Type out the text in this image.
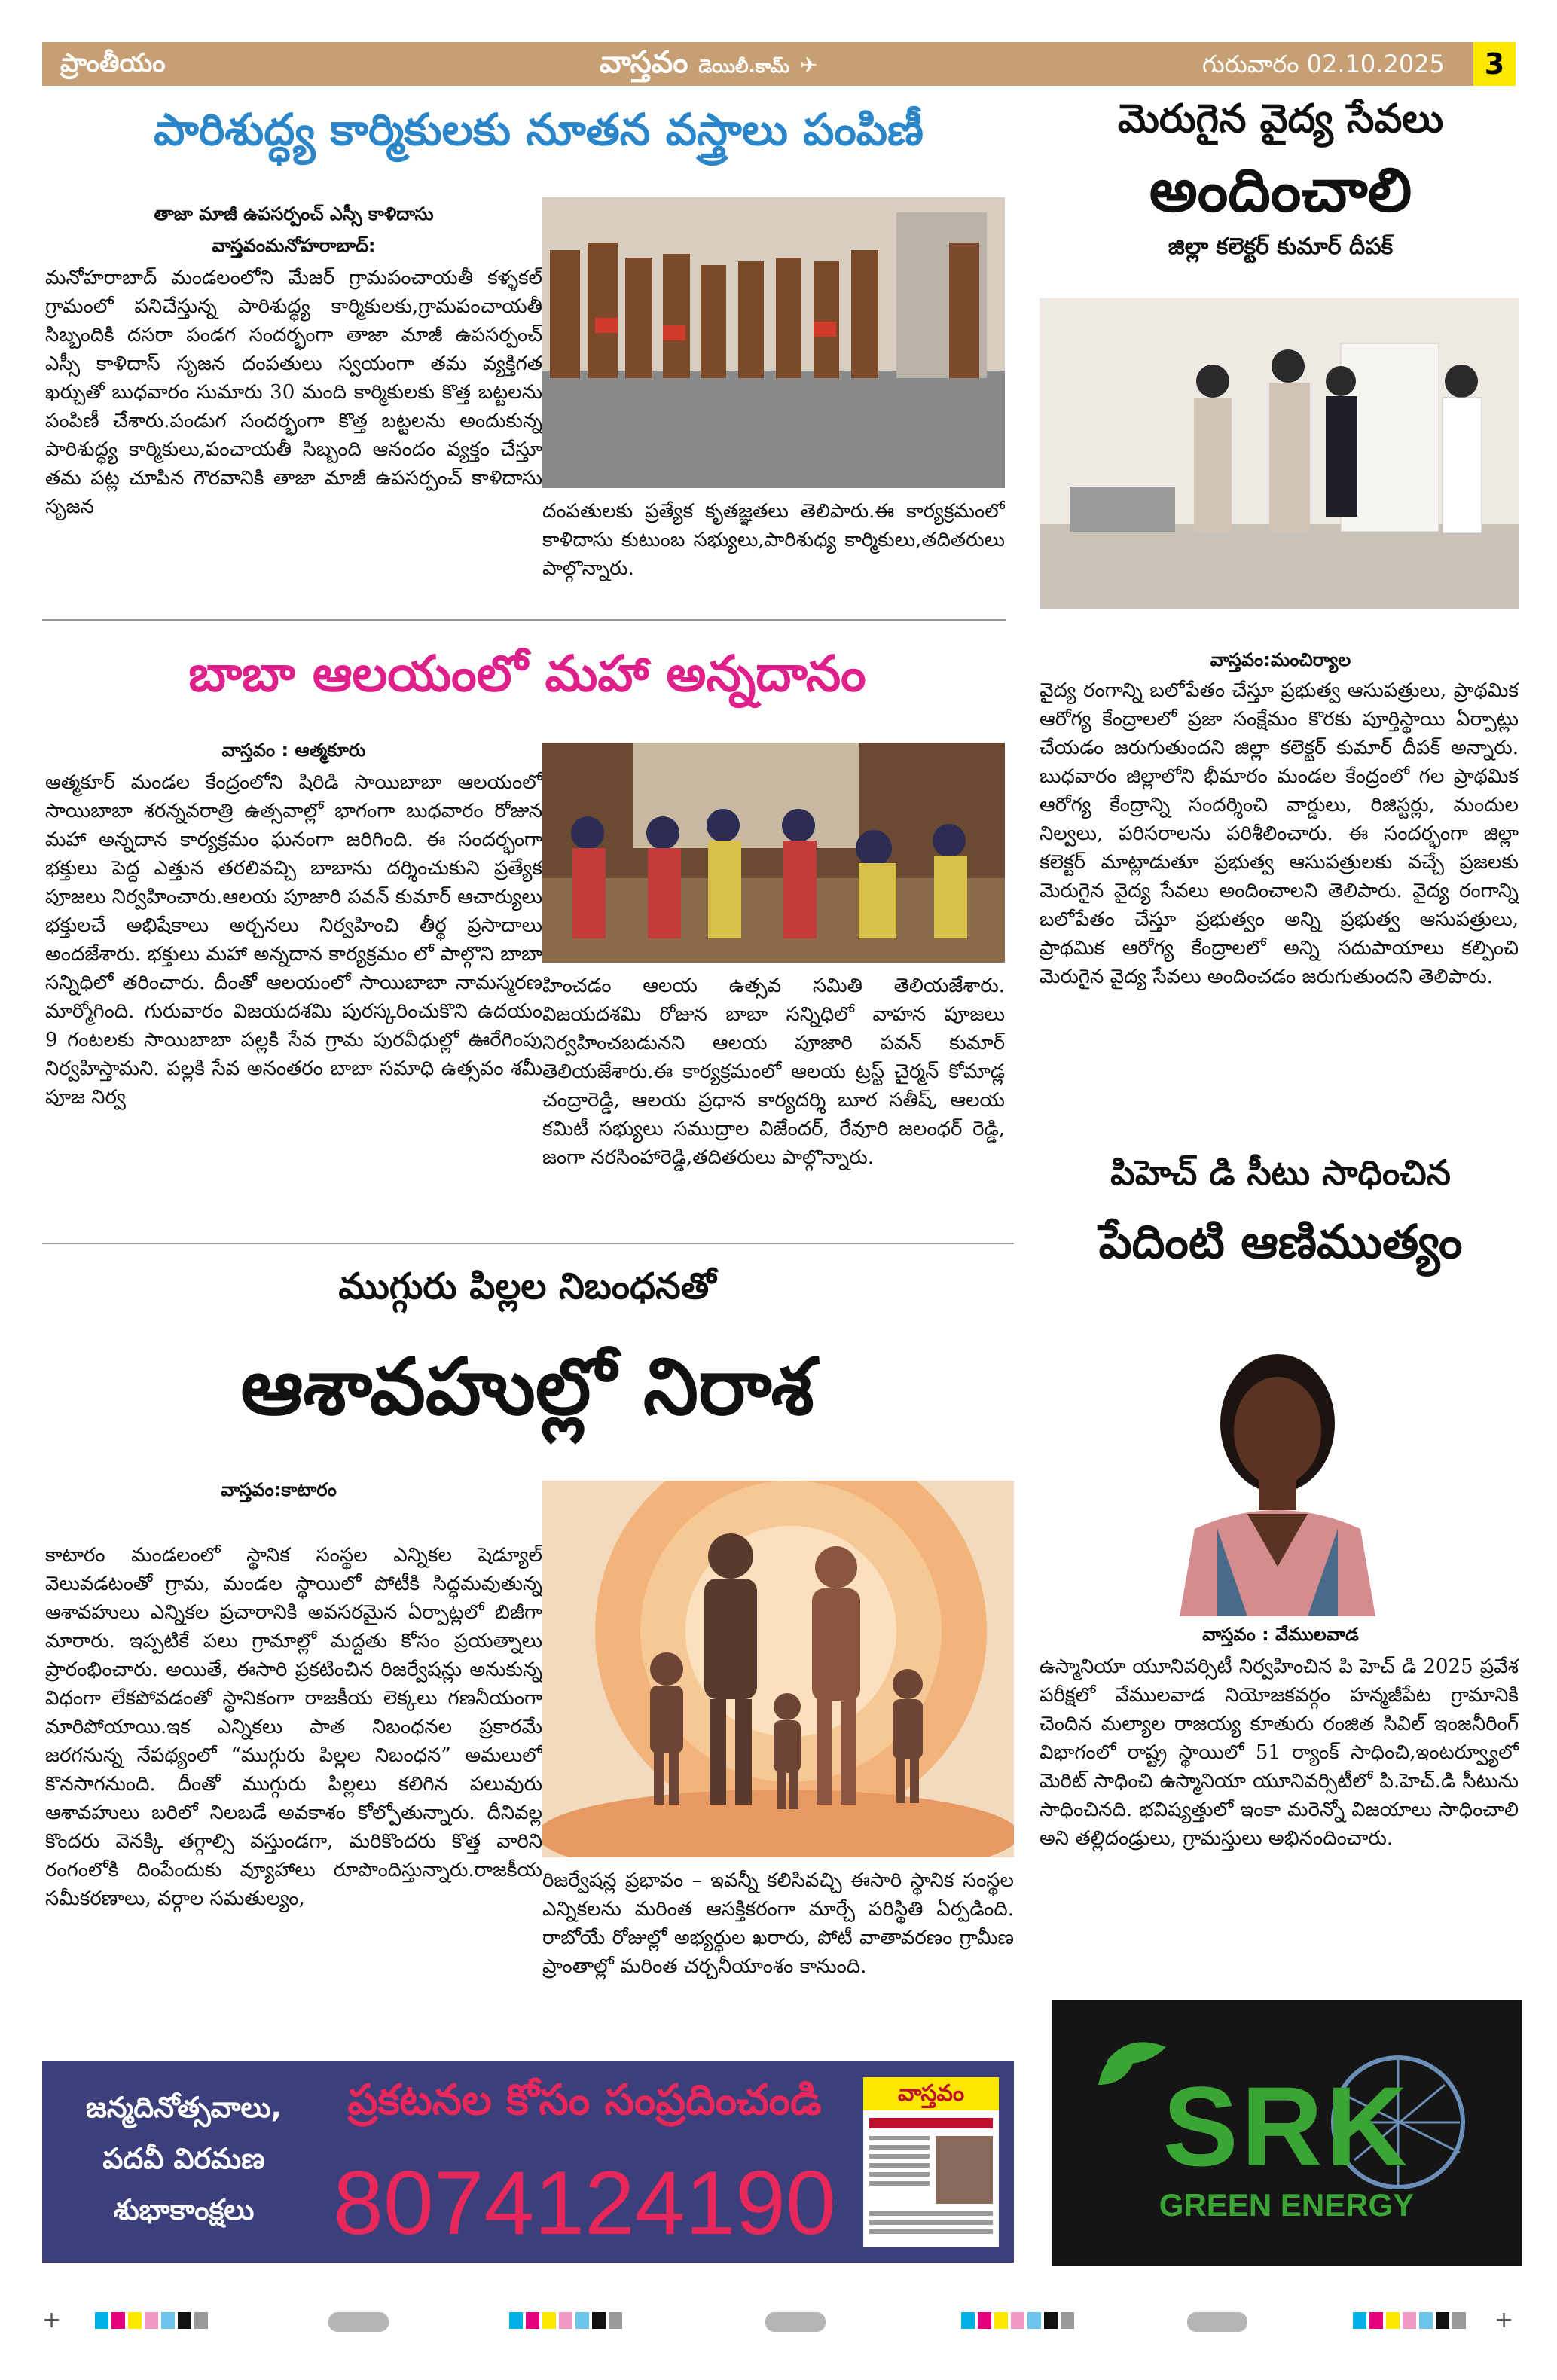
ప్రాంతీయం	వాస్తవం డెయిలీ.కామ్ ✈	గురువారం 02.10.2025	3
పారిశుద్ధ్య కార్మికులకు నూతన వస్త్రాలు పంపిణీ
తాజా మాజీ ఉపసర్పంచ్ ఎస్సీ కాళిదాసు
వాస్తవంమనోహరాబాద్:
మనోహరాబాద్ మండలంలోని మేజర్ గ్రామపంచాయతీ కళ్ళకల్ గ్రామంలో పనిచేస్తున్న పారిశుద్ధ్య కార్మికులకు,గ్రామపంచాయతీ సిబ్బందికి దసరా పండగ సందర్భంగా తాజా మాజీ ఉపసర్పంచ్ ఎస్సీ కాళిదాస్ సృజన దంపతులు స్వయంగా తమ వ్యక్తిగత ఖర్చుతో బుధవారం సుమారు 30 మంది కార్మికులకు కొత్త బట్టలను పంపిణీ చేశారు.పండుగ సందర్భంగా కొత్త బట్టలను అందుకున్న పారిశుద్ధ్య కార్మికులు,పంచాయతీ సిబ్బంది ఆనందం వ్యక్తం చేస్తూ తమ పట్ల చూపిన గౌరవానికి తాజా మాజీ ఉపసర్పంచ్ కాళిదాసు సృజన	దంపతులకు ప్రత్యేక కృతజ్ఞతలు తెలిపారు.ఈ కార్యక్రమంలో కాళిదాసు కుటుంబ సభ్యులు,పారిశుధ్య కార్మికులు,తదితరులు పాల్గొన్నారు.
బాబా ఆలయంలో మహా అన్నదానం
వాస్తవం : ఆత్మకూరు
ఆత్మకూర్ మండల కేంద్రంలోని షిరిడి సాయిబాబా ఆలయంలో సాయిబాబా శరన్నవరాత్రి ఉత్సవాల్లో భాగంగా బుధవారం రోజున మహా అన్నదాన కార్యక్రమం ఘనంగా జరిగింది. ఈ సందర్భంగా భక్తులు పెద్ద ఎత్తున తరలివచ్చి బాబాను దర్శించుకుని ప్రత్యేక పూజలు నిర్వహించారు.ఆలయ పూజారి పవన్ కుమార్ ఆచార్యులు భక్తులచే అభిషేకాలు అర్చనలు నిర్వహించి తీర్థ ప్రసాదాలు అందజేశారు. భక్తులు మహా అన్నదాన కార్యక్రమం లో పాల్గొని బాబా సన్నిధిలో తరించారు. దీంతో ఆలయంలో సాయిబాబా నామస్మరణ మార్మోగింది. గురువారం విజయదశమి పురస్కరించుకొని ఉదయం 9 గంటలకు సాయిబాబా పల్లకి సేవ గ్రామ పురవీధుల్లో ఊరేగింపు నిర్వహిస్తామని. పల్లకి సేవ అనంతరం బాబా సమాధి ఉత్సవం శమీ పూజ నిర్వ
హించడం ఆలయ ఉత్సవ సమితి తెలియజేశారు. విజయదశమి రోజున బాబా సన్నిధిలో వాహన పూజలు నిర్వహించబడునని ఆలయ పూజారి పవన్ కుమార్ తెలియజేశారు.ఈ కార్యక్రమంలో ఆలయ ట్రస్ట్ చైర్మన్ కోమాడ్ల చంద్రారెడ్డి, ఆలయ ప్రధాన కార్యదర్శి బూర సతీష్, ఆలయ కమిటీ సభ్యులు సముద్రాల విజేందర్, రేవూరి జలంధర్ రెడ్డి, జంగా నరసింహారెడ్డి,తదితరులు పాల్గొన్నారు.
ముగ్గురు పిల్లల నిబంధనతో
ఆశావహుల్లో నిరాశ
వాస్తవం:కాటారం
కాటారం మండలంలో స్థానిక సంస్థల ఎన్నికల షెడ్యూల్ వెలువడటంతో గ్రామ, మండల స్థాయిలో పోటీకి సిద్ధమవుతున్న ఆశావహులు ఎన్నికల ప్రచారానికి అవసరమైన ఏర్పాట్లలో బిజీగా మారారు. ఇప్పటికే పలు గ్రామాల్లో మద్దతు కోసం ప్రయత్నాలు ప్రారంభించారు. అయితే, ఈసారి ప్రకటించిన రిజర్వేషన్లు అనుకున్న విధంగా లేకపోవడంతో స్థానికంగా రాజకీయ లెక్కలు గణనీయంగా మారిపోయాయి.ఇక ఎన్నికలు పాత నిబంధనల ప్రకారమే జరగనున్న నేపథ్యంలో “ముగ్గురు పిల్లల నిబంధన” అమలులో కొనసాగనుంది. దీంతో ముగ్గురు పిల్లలు కలిగిన పలువురు ఆశావహులు బరిలో నిలబడే అవకాశం కోల్పోతున్నారు. దీనివల్ల కొందరు వెనక్కి తగ్గాల్సి వస్తుండగా, మరికొందరు కొత్త వారిని రంగంలోకి దింపేందుకు వ్యూహాలు రూపొందిస్తున్నారు.రాజకీయ సమీకరణాలు, వర్గాల సమతుల్యం,
రిజర్వేషన్ల ప్రభావం – ఇవన్నీ కలిసివచ్చి ఈసారి స్థానిక సంస్థల ఎన్నికలను మరింత ఆసక్తికరంగా మార్చే పరిస్థితి ఏర్పడింది. రాబోయే రోజుల్లో అభ్యర్థుల ఖరారు, పోటీ వాతావరణం గ్రామీణ ప్రాంతాల్లో మరింత చర్చనీయాంశం కానుంది.
మెరుగైన వైద్య సేవలు
అందించాలి
జిల్లా కలెక్టర్ కుమార్ దీపక్
వాస్తవం:మంచిర్యాల
వైద్య రంగాన్ని బలోపేతం చేస్తూ ప్రభుత్వ ఆసుపత్రులు, ప్రాథమిక ఆరోగ్య కేంద్రాలలో ప్రజా సంక్షేమం కొరకు పూర్తిస్థాయి ఏర్పాట్లు చేయడం జరుగుతుందని జిల్లా కలెక్టర్ కుమార్ దీపక్ అన్నారు. బుధవారం జిల్లాలోని భీమారం మండల కేంద్రంలో గల ప్రాథమిక ఆరోగ్య కేంద్రాన్ని సందర్శించి వార్డులు, రిజిస్టర్లు, మందుల నిల్వలు, పరిసరాలను పరిశీలించారు. ఈ సందర్భంగా జిల్లా కలెక్టర్ మాట్లాడుతూ ప్రభుత్వ ఆసుపత్రులకు వచ్చే ప్రజలకు మెరుగైన వైద్య సేవలు అందించాలని తెలిపారు. వైద్య రంగాన్ని బలోపేతం చేస్తూ ప్రభుత్వం అన్ని ప్రభుత్వ ఆసుపత్రులు, ప్రాథమిక ఆరోగ్య కేంద్రాలలో అన్ని సదుపాయాలు కల్పించి మెరుగైన వైద్య సేవలు అందించడం జరుగుతుందని తెలిపారు.
పిహెచ్ డి సీటు సాధించిన
పేదింటి ఆణిముత్యం
వాస్తవం : వేములవాడ
ఉస్మానియా యూనివర్సిటీ నిర్వహించిన పి హెచ్ డి 2025 ప్రవేశ పరీక్షలో వేములవాడ నియోజకవర్గం హన్మజీపేట గ్రామానికి చెందిన మల్యాల రాజయ్య కూతురు రంజిత సివిల్ ఇంజనీరింగ్ విభాగంలో రాష్ట్ర స్థాయిలో 51 ర్యాంక్ సాధించి,ఇంటర్వ్యూలో మెరిట్ సాధించి ఉస్మానియా యూనివర్సిటీలో పి.హెచ్.డి సీటును సాధించినది. భవిష్యత్తులో ఇంకా మరెన్నో విజయాలు సాధించాలి అని తల్లిదండ్రులు, గ్రామస్తులు అభినందించారు.
జన్మదినోత్సవాలు,
పదవీ విరమణ
శుభాకాంక్షలు
ప్రకటనల కోసం సంప్రదించండి
8074124190
వాస్తవం	SRK
GREEN ENERGY
+	+
